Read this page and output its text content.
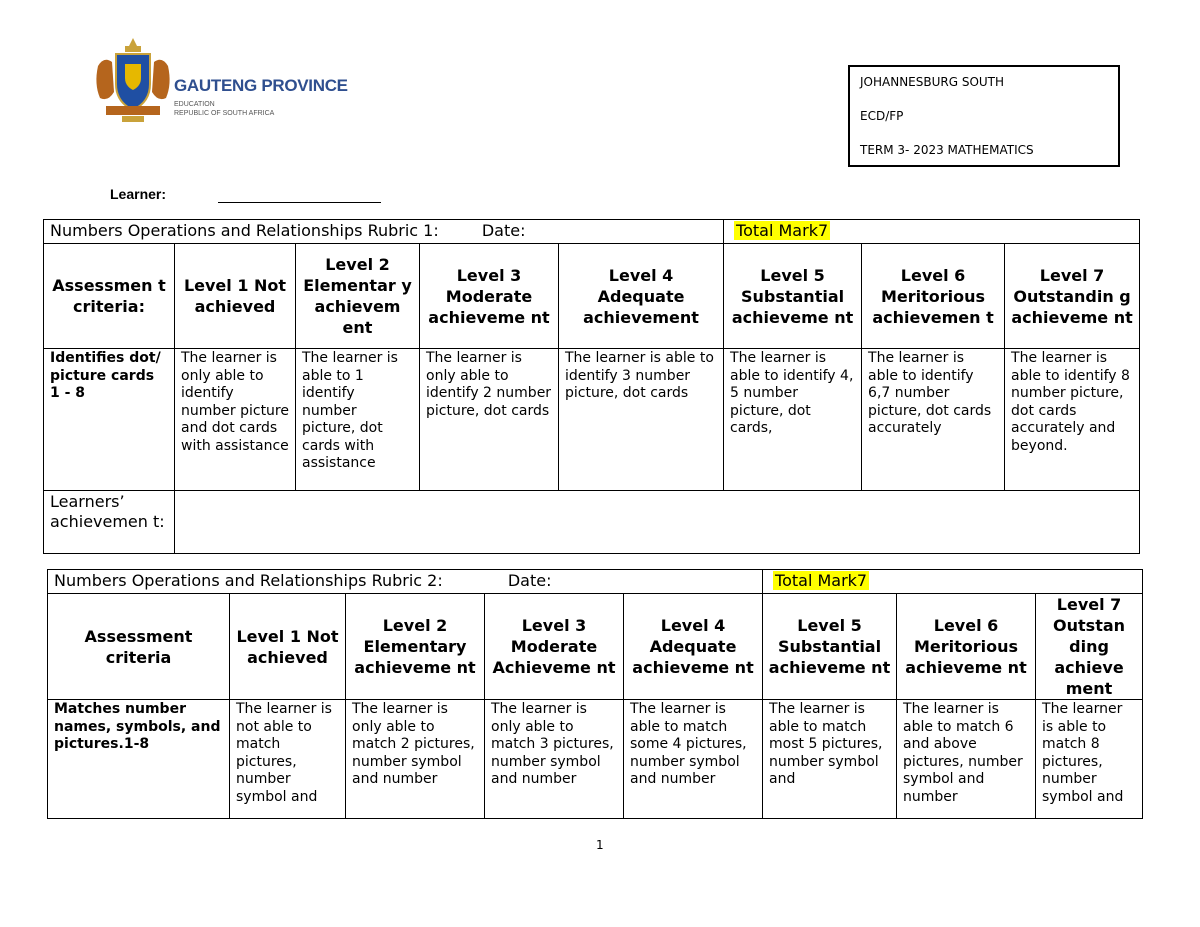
GAUTENG PROVINCE
EDUCATION
REPUBLIC OF SOUTH AFRICA
JOHANNESBURG SOUTH
ECD/FP
TERM 3- 2023 MATHEMATICS
Learner:
Numbers Operations and Relationships Rubric 1: Date:					Total Mark7		
Assessmen t criteria:	Level 1 Not achieved	Level 2 Elementar y achievem ent	Level 3 Moderate achieveme nt	Level 4 Adequate achievement	Level 5 Substantial achieveme nt	Level 6 Meritorious achievemen t	Level 7 Outstandin g achieveme nt
Identifies dot/ picture cards 1 - 8	The learner is only able to identify number picture and dot cards with assistance	The learner is able to 1 identify number picture, dot cards with assistance	The learner is only able to identify 2 number picture, dot cards	The learner is able to identify 3 number picture, dot cards	The learner is able to identify 4, 5 number picture, dot cards,	The learner is able to identify 6,7 number picture, dot cards accurately	The learner is able to identify 8 number picture, dot cards accurately and beyond.
Learners’ achievemen t:							
Numbers Operations and Relationships Rubric 2: Date:					Total Mark7		
Assessment criteria	Level 1 Not achieved	Level 2 Elementary achieveme nt	Level 3 Moderate Achieveme nt	Level 4 Adequate achieveme nt	Level 5 Substantial achieveme nt	Level 6 Meritorious achieveme nt	Level 7 Outstan ding achieve ment
Matches number names, symbols, and pictures.1-8	The learner is not able to match pictures, number symbol and	The learner is only able to match 2 pictures, number symbol and number	The learner is only able to match 3 pictures, number symbol and number	The learner is able to match some 4 pictures, number symbol and number	The learner is able to match most 5 pictures, number symbol and	The learner is able to match 6 and above pictures, number symbol and number	The learner is able to match 8 pictures, number symbol and
1
